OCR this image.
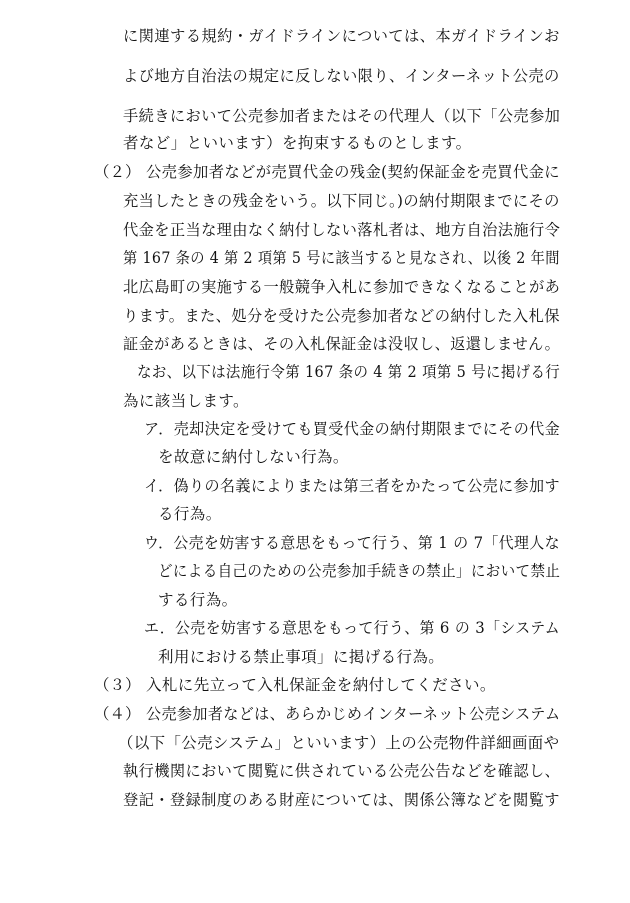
に関連する規約・ガイドラインについては、本ガイドラインお
よび地方自治法の規定に反しない限り、インターネット公売の
手続きにおいて公売参加者またはその代理人（以下「公売参加
者など」といいます）を拘束するものとします。
（２） 公売参加者などが売買代金の残金(契約保証金を売買代金に
充当したときの残金をいう。以下同じ。)の納付期限までにその
代金を正当な理由なく納付しない落札者は、地方自治法施行令
第 167 条の 4 第 2 項第 5 号に該当すると見なされ、以後 2 年間
北広島町の実施する一般競争入札に参加できなくなることがあ
ります。また、処分を受けた公売参加者などの納付した入札保
証金があるときは、その入札保証金は没収し、返還しません。
なお、以下は法施行令第 167 条の 4 第 2 項第 5 号に掲げる行
為に該当します。
ア．売却決定を受けても買受代金の納付期限までにその代金
を故意に納付しない行為。
イ．偽りの名義によりまたは第三者をかたって公売に参加す
る行為。
ウ．公売を妨害する意思をもって行う、第 1 の 7「代理人な
どによる自己のための公売参加手続きの禁止」において禁止
する行為。
エ．公売を妨害する意思をもって行う、第 6 の 3「システム
利用における禁止事項」に掲げる行為。
（３） 入札に先立って入札保証金を納付してください。
（４） 公売参加者などは、あらかじめインターネット公売システム
（以下「公売システム」といいます）上の公売物件詳細画面や
執行機関において閲覧に供されている公売公告などを確認し、
登記・登録制度のある財産については、関係公簿などを閲覧す
